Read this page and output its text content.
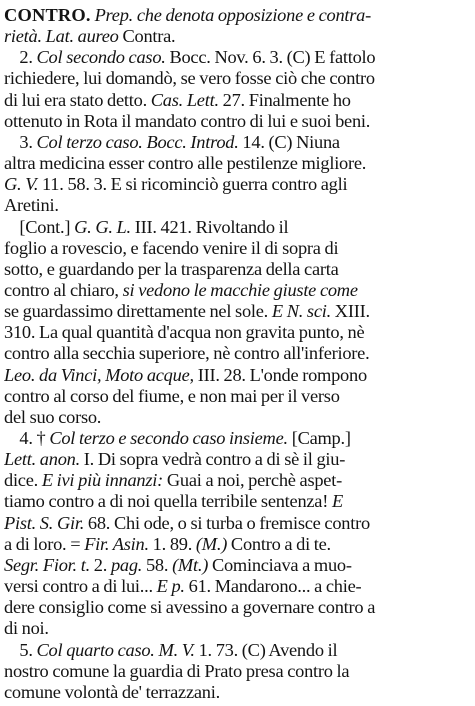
CONTRO. Prep. che denota opposizione e contra-
rietà. Lat. aureo Contra.
2. Col secondo caso. Bocc. Nov. 6. 3. (C) E fattolo
richiedere, lui domandò, se vero fosse ciò che contro
di lui era stato detto. Cas. Lett. 27. Finalmente ho
ottenuto in Rota il mandato contro di lui e suoi beni.
3. Col terzo caso. Bocc. Introd. 14. (C) Niuna
altra medicina esser contro alle pestilenze migliore.
G. V. 11. 58. 3. E si ricominciò guerra contro agli
Aretini.
[Cont.] G. G. L. III. 421. Rivoltando il
foglio a rovescio, e facendo venire il di sopra di
sotto, e guardando per la trasparenza della carta
contro al chiaro, si vedono le macchie giuste come
se guardassimo direttamente nel sole. E N. sci. XIII.
310. La qual quantità d'acqua non gravita punto, nè
contro alla secchia superiore, nè contro all'inferiore.
Leo. da Vinci, Moto acque, III. 28. L'onde rompono
contro al corso del fiume, e non mai per il verso
del suo corso.
4. † Col terzo e secondo caso insieme. [Camp.]
Lett. anon. I. Di sopra vedrà contro a di sè il giu-
dice. E ivi più innanzi: Guai a noi, perchè aspet-
tiamo contro a di noi quella terribile sentenza! E
Pist. S. Gir. 68. Chi ode, o si turba o fremisce contro
a di loro. = Fir. Asin. 1. 89. (M.) Contro a di te.
Segr. Fior. t. 2. pag. 58. (Mt.) Cominciava a muo-
versi contro a di lui... E p. 61. Mandarono... a chie-
dere consiglio come si avessino a governare contro a
di noi.
5. Col quarto caso. M. V. 1. 73. (C) Avendo il
nostro comune la guardia di Prato presa contro la
comune volontà de' terrazzani.
